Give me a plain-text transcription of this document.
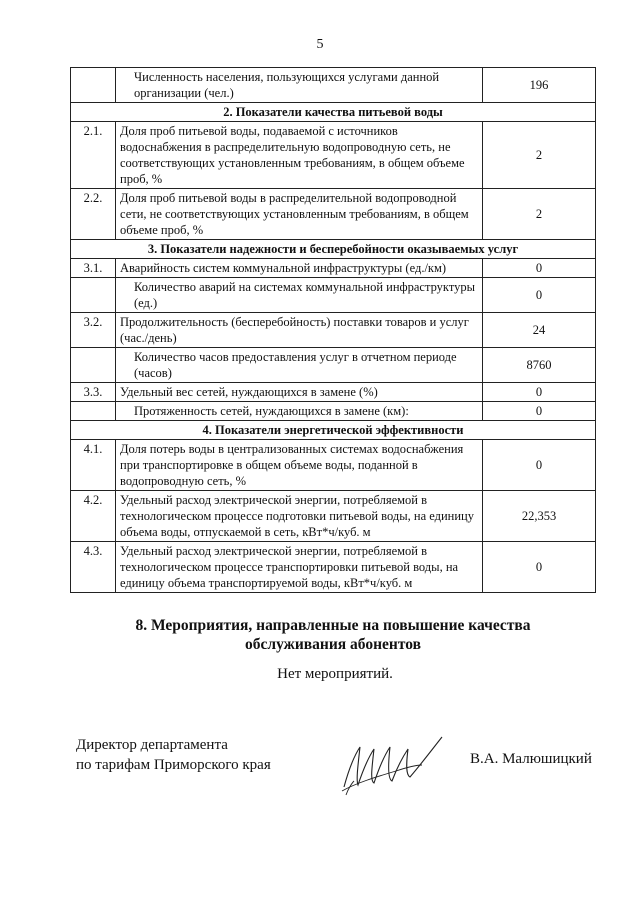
5
	Численность населения, пользующихся услугами данной организации (чел.)	196
2. Показатели качества питьевой воды		
2.1.	Доля проб питьевой воды, подаваемой с источников водоснабжения в распределительную водопроводную сеть, не соответствующих установленным требованиям, в общем объеме проб, %	2
2.2.	Доля проб питьевой воды в распределительной водопроводной сети, не соответствующих установленным требованиям, в общем объеме проб, %	2
3. Показатели надежности и бесперебойности оказываемых услуг		
3.1.	Аварийность систем коммунальной инфраструктуры (ед./км)	0
	Количество аварий на системах коммунальной инфраструктуры (ед.)	0
3.2.	Продолжительность (бесперебойность) поставки товаров и услуг (час./день)	24
	Количество часов предоставления услуг в отчетном периоде (часов)	8760
3.3.	Удельный вес сетей, нуждающихся в замене (%)	0
	Протяженность сетей, нуждающихся в замене (км):	0
4. Показатели энергетической эффективности		
4.1.	Доля потерь воды в централизованных системах водоснабжения при транспортировке в общем объеме воды, поданной в водопроводную сеть, %	0
4.2.	Удельный расход электрической энергии, потребляемой в технологическом процессе подготовки питьевой воды, на единицу объема воды, отпускаемой в сеть, кВт*ч/куб. м	22,353
4.3.	Удельный расход электрической энергии, потребляемой в технологическом процессе транспортировки питьевой воды, на единицу объема транспортируемой воды, кВт*ч/куб. м	0
8. Мероприятия, направленные на повышение качества
обслуживания абонентов
Нет мероприятий.
Директор департамента
по тарифам Приморского края	В.А. Малюшицкий
